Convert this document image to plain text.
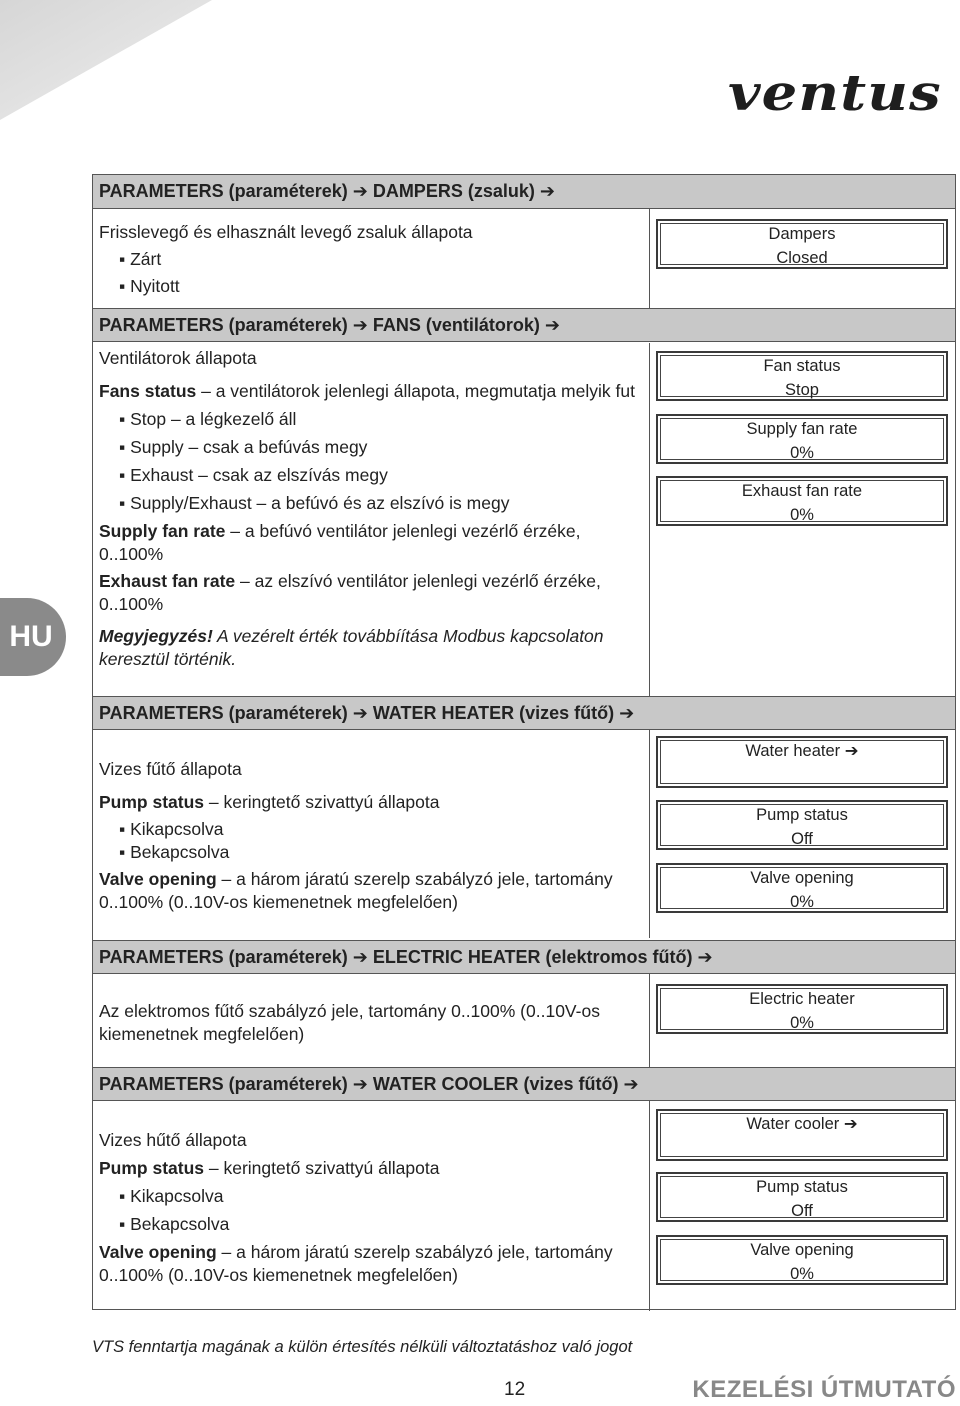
ventus
HU
PARAMETERS (paraméterek) ➔ DAMPERS (zsaluk) ➔
Frisslevegő és elhasznált levegő zsaluk állapota
▪ Zárt
▪ Nyitott
Dampers
Closed
PARAMETERS (paraméterek) ➔ FANS (ventilátorok) ➔
Ventilátorok állapota
Fans status – a ventilátorok jelenlegi állapota, megmutatja melyik fut
▪ Stop – a légkezelő áll
▪ Supply – csak a befúvás megy
▪ Exhaust – csak az elszívás megy
▪ Supply/Exhaust – a befúvó és az elszívó is megy
Supply fan rate – a befúvó ventilátor jelenlegi vezérlő érzéke, 0..100%
Exhaust fan rate – az elszívó ventilátor jelenlegi vezérlő érzéke, 0..100%
Megyjegyzés! A vezérelt érték továbbíítása Modbus kapcsolaton keresztül történik.
Fan status
Stop
Supply fan rate
0%
Exhaust fan rate
0%
PARAMETERS (paraméterek) ➔ WATER HEATER (vizes fűtő) ➔
Vizes fűtő állapota
Pump status – keringtető szivattyú állapota
▪ Kikapcsolva
▪ Bekapcsolva
Valve opening – a három járatú szerelp szabályzó jele, tartomány 0..100% (0..10V-os kiemenetnek megfelelően)
Water heater ➔
Pump status
Off
Valve opening
0%
PARAMETERS (paraméterek) ➔ ELECTRIC HEATER (elektromos fűtő) ➔
Az elektromos fűtő szabályzó jele, tartomány 0..100% (0..10V-os kiemenetnek megfelelően)
Electric heater
0%
PARAMETERS (paraméterek) ➔ WATER COOLER (vizes fűtő) ➔
Vizes hűtő állapota
Pump status – keringtető szivattyú állapota
▪ Kikapcsolva
▪ Bekapcsolva
Valve opening – a három járatú szerelp szabályzó jele, tartomány 0..100% (0..10V-os kiemenetnek megfelelően)
Water cooler ➔
Pump status
Off
Valve opening
0%
VTS fenntartja magának a külön értesítés nélküli változtatáshoz való jogot
12	KEZELÉSI ÚTMUTATÓ
